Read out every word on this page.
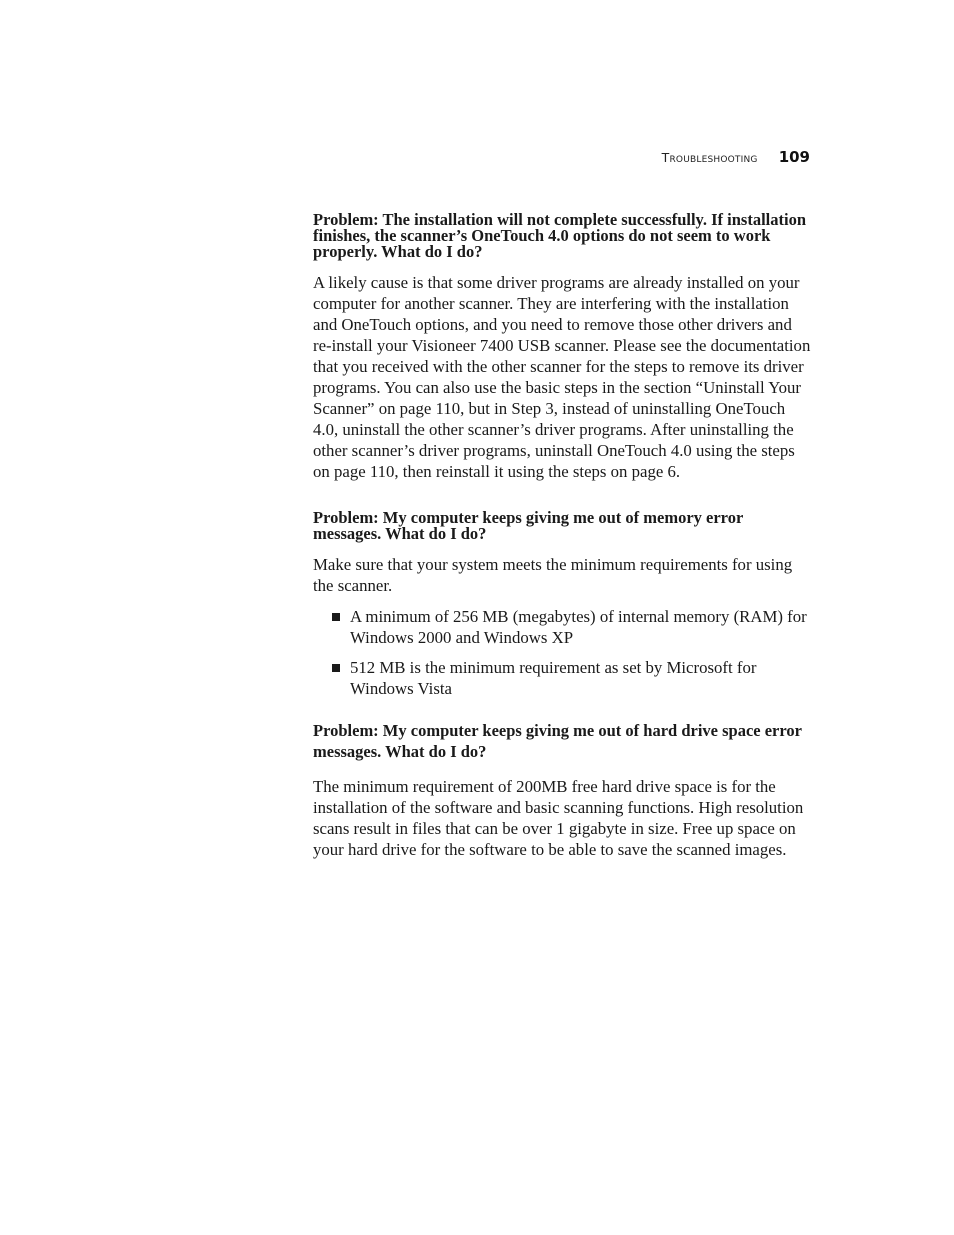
Troubleshooting 109

Problem: The installation will not complete successfully. If installation finishes, the scanner’s OneTouch 4.0 options do not seem to work properly. What do I do?

A likely cause is that some driver programs are already installed on your computer for another scanner. They are interfering with the installation and OneTouch options, and you need to remove those other drivers and re-install your Visioneer 7400 USB scanner. Please see the documentation that you received with the other scanner for the steps to remove its driver programs. You can also use the basic steps in the section “Uninstall Your Scanner” on page 110, but in Step 3, instead of uninstalling OneTouch 4.0, uninstall the other scanner’s driver programs. After uninstalling the other scanner’s driver programs, uninstall OneTouch 4.0 using the steps on page 110, then reinstall it using the steps on page 6.

Problem: My computer keeps giving me out of memory error messages. What do I do?

Make sure that your system meets the minimum requirements for using the scanner.

A minimum of 256 MB (megabytes) of internal memory (RAM) for Windows 2000 and Windows XP
512 MB is the minimum requirement as set by Microsoft for Windows Vista

Problem: My computer keeps giving me out of hard drive space error messages. What do I do?

The minimum requirement of 200MB free hard drive space is for the installation of the software and basic scanning functions. High resolution scans result in files that can be over 1 gigabyte in size. Free up space on your hard drive for the software to be able to save the scanned images.
